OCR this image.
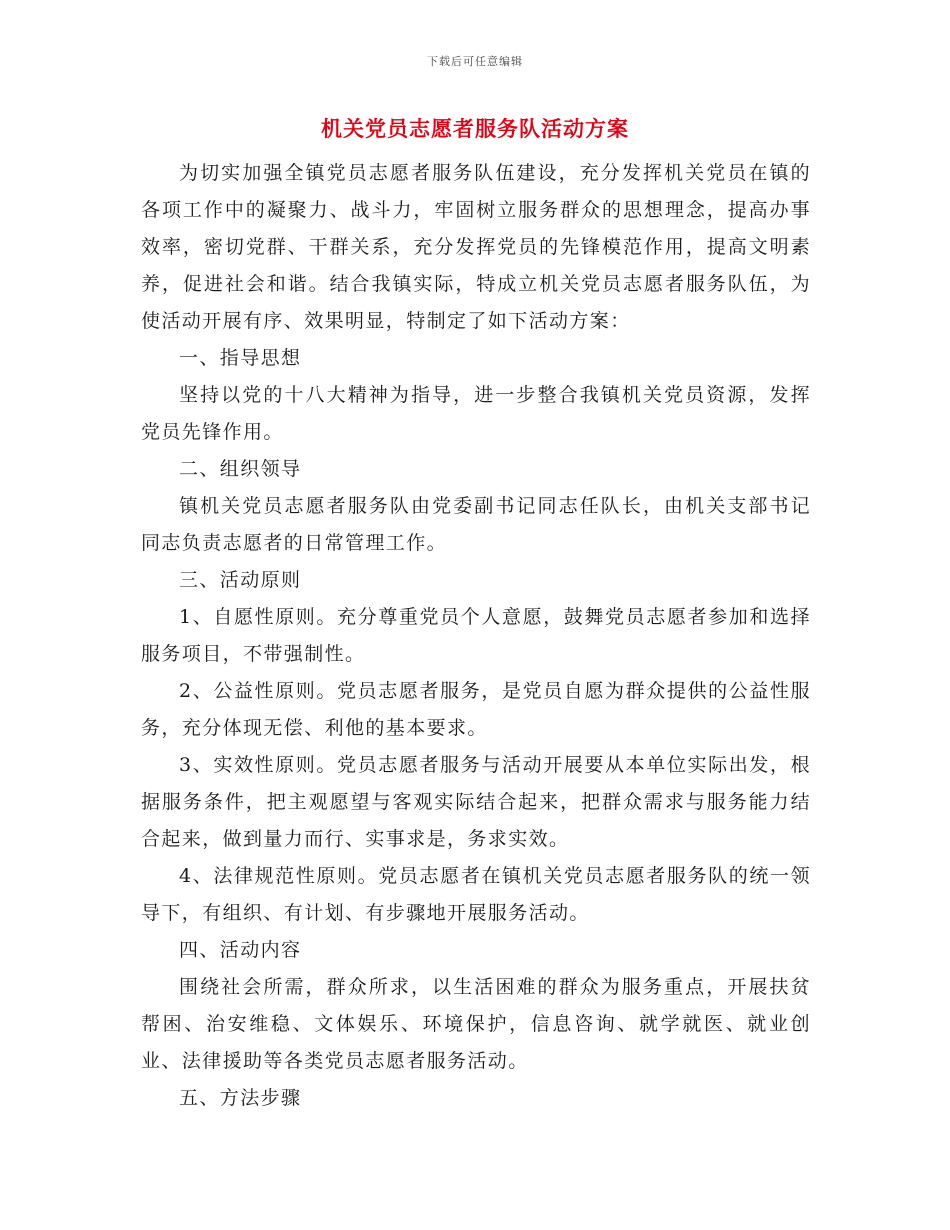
下载后可任意编辑
机关党员志愿者服务队活动方案

为切实加强全镇党员志愿者服务队伍建设，充分发挥机关党员在镇的各项工作中的凝聚力、战斗力，牢固树立服务群众的思想理念，提高办事效率，密切党群、干群关系，充分发挥党员的先锋模范作用，提高文明素养，促进社会和谐。结合我镇实际，特成立机关党员志愿者服务队伍，为使活动开展有序、效果明显，特制定了如下活动方案：

一、指导思想

坚持以党的十八大精神为指导，进一步整合我镇机关党员资源，发挥党员先锋作用。

二、组织领导

镇机关党员志愿者服务队由党委副书记同志任队长，由机关支部书记同志负责志愿者的日常管理工作。

三、活动原则

1、自愿性原则。充分尊重党员个人意愿，鼓舞党员志愿者参加和选择服务项目，不带强制性。

2、公益性原则。党员志愿者服务，是党员自愿为群众提供的公益性服务，充分体现无偿、利他的基本要求。

3、实效性原则。党员志愿者服务与活动开展要从本单位实际出发，根据服务条件，把主观愿望与客观实际结合起来，把群众需求与服务能力结合起来，做到量力而行、实事求是，务求实效。

4、法律规范性原则。党员志愿者在镇机关党员志愿者服务队的统一领导下，有组织、有计划、有步骤地开展服务活动。

四、活动内容

围绕社会所需，群众所求，以生活困难的群众为服务重点，开展扶贫帮困、治安维稳、文体娱乐、环境保护，信息咨询、就学就医、就业创业、法律援助等各类党员志愿者服务活动。

五、方法步骤
